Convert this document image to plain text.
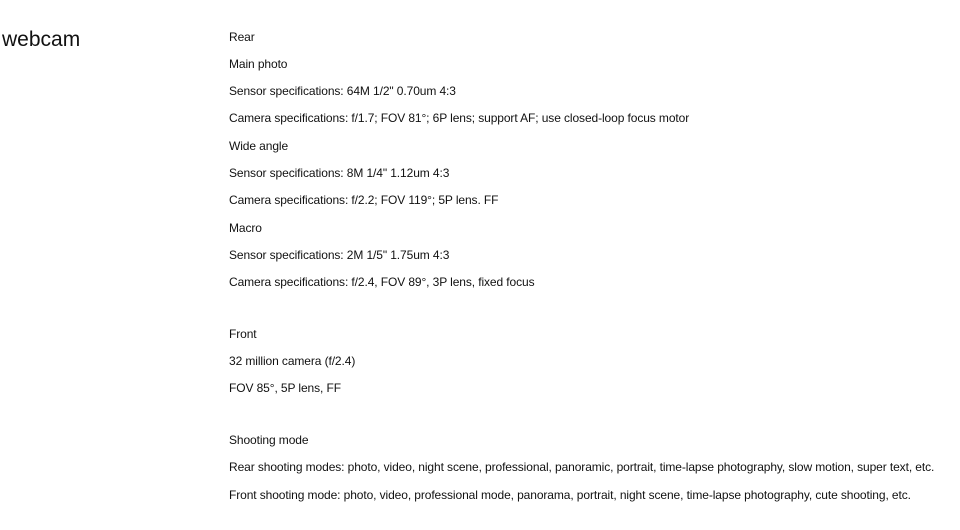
webcam	Rear
Main photo
Sensor specifications: 64M 1/2" 0.70um 4:3
Camera specifications: f/1.7; FOV 81°; 6P lens; support AF; use closed-loop focus motor
Wide angle
Sensor specifications: 8M 1/4" 1.12um 4:3
Camera specifications: f/2.2; FOV 119°; 5P lens. FF
Macro
Sensor specifications: 2M 1/5" 1.75um 4:3
Camera specifications: f/2.4, FOV 89°, 3P lens, fixed focus
Front
32 million camera (f/2.4)
FOV 85°, 5P lens, FF
Shooting mode
Rear shooting modes: photo, video, night scene, professional, panoramic, portrait, time-lapse photography, slow motion, super text, etc.
Front shooting mode: photo, video, professional mode, panorama, portrait, night scene, time-lapse photography, cute shooting, etc.
